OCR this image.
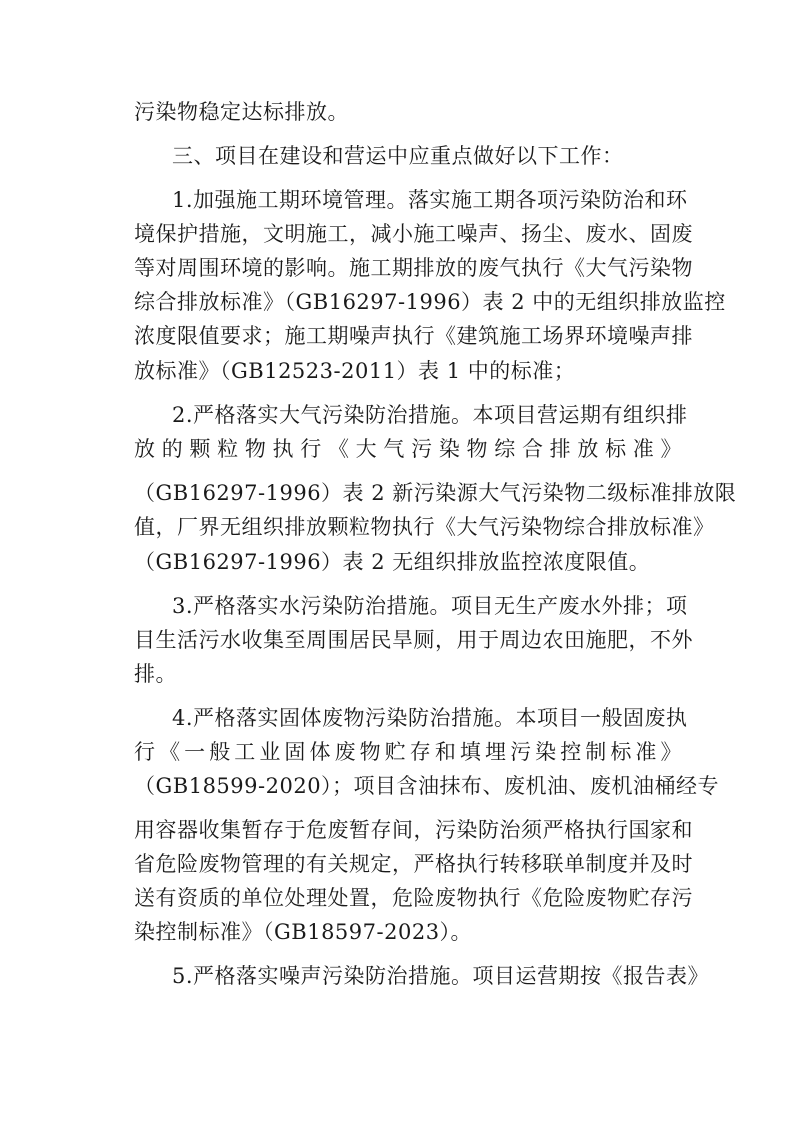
污染物稳定达标排放。
三、项目在建设和营运中应重点做好以下工作：
1.加强施工期环境管理。落实施工期各项污染防治和环
境保护措施，文明施工，减小施工噪声、扬尘、废水、固废
等对周围环境的影响。施工期排放的废气执行《大气污染物
综合排放标准》（GB16297-1996）表 2 中的无组织排放监控
浓度限值要求；施工期噪声执行《建筑施工场界环境噪声排
放标准》（GB12523-2011）表 1 中的标准；
2.严格落实大气污染防治措施。本项目营运期有组织排
放的颗粒物执行《大气污染物综合排放标准》
（GB16297-1996）表 2 新污染源大气污染物二级标准排放限
值，厂界无组织排放颗粒物执行《大气污染物综合排放标准》
（GB16297-1996）表 2 无组织排放监控浓度限值。
3.严格落实水污染防治措施。项目无生产废水外排；项
目生活污水收集至周围居民旱厕，用于周边农田施肥，不外
排。
4.严格落实固体废物污染防治措施。本项目一般固废执
行《一般工业固体废物贮存和填埋污染控制标准》
（GB18599-2020）；项目含油抹布、废机油、废机油桶经专
用容器收集暂存于危废暂存间，污染防治须严格执行国家和
省危险废物管理的有关规定，严格执行转移联单制度并及时
送有资质的单位处理处置，危险废物执行《危险废物贮存污
染控制标准》（GB18597-2023）。
5.严格落实噪声污染防治措施。项目运营期按《报告表》
